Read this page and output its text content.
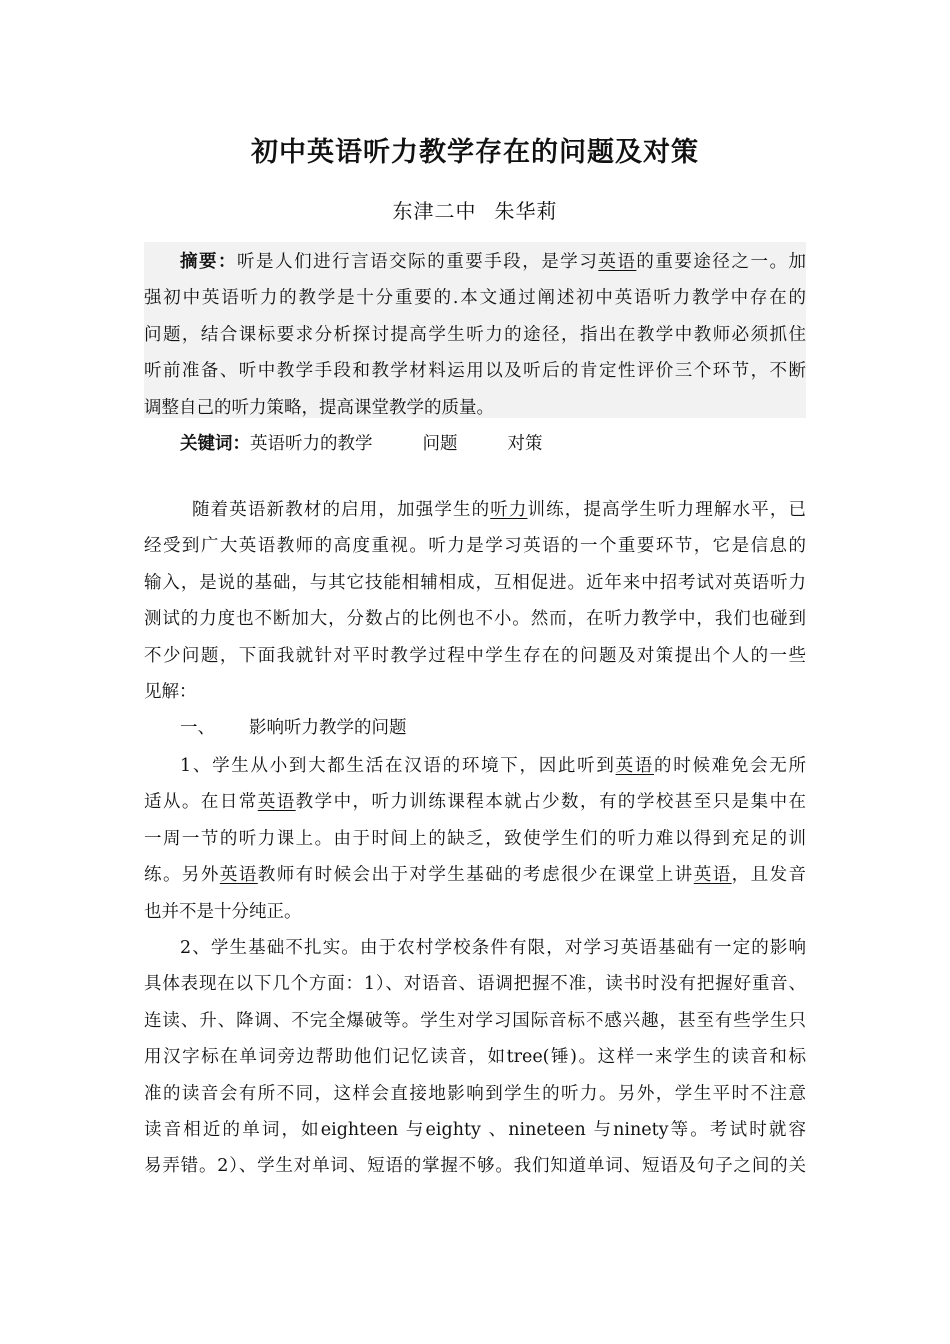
初中英语听力教学存在的问题及对策
东津二中 朱华莉
摘要：听是人们进行言语交际的重要手段，是学习英语的重要途径之一。加
强初中英语听力的教学是十分重要的.本文通过阐述初中英语听力教学中存在的
问题，结合课标要求分析探讨提高学生听力的途径，指出在教学中教师必须抓住
听前准备、听中教学手段和教学材料运用以及听后的肯定性评价三个环节，不断
调整自己的听力策略，提高课堂教学的质量。
关键词：英语听力的教学	问题	对策
随着英语新教材的启用，加强学生的听力训练，提高学生听力理解水平，已
经受到广大英语教师的高度重视。听力是学习英语的一个重要环节，它是信息的
输入，是说的基础，与其它技能相辅相成，互相促进。近年来中招考试对英语听力
测试的力度也不断加大，分数占的比例也不小。然而，在听力教学中，我们也碰到
不少问题，下面我就针对平时教学过程中学生存在的问题及对策提出个人的一些
见解：
一、 影响听力教学的问题
1、学生从小到大都生活在汉语的环境下，因此听到英语的时候难免会无所
适从。在日常英语教学中，听力训练课程本就占少数，有的学校甚至只是集中在
一周一节的听力课上。由于时间上的缺乏，致使学生们的听力难以得到充足的训
练。另外英语教师有时候会出于对学生基础的考虑很少在课堂上讲英语，且发音
也并不是十分纯正。
2、学生基础不扎实。由于农村学校条件有限，对学习英语基础有一定的影响
具体表现在以下几个方面：1）、对语音、语调把握不准，读书时没有把握好重音、
连读、升、降调、不完全爆破等。学生对学习国际音标不感兴趣，甚至有些学生只
用汉字标在单词旁边帮助他们记忆读音，如tree(锤)。这样一来学生的读音和标
准的读音会有所不同，这样会直接地影响到学生的听力。另外，学生平时不注意
读音相近的单词，如eighteen 与eighty 、nineteen 与ninety等。考试时就容
易弄错。2）、学生对单词、短语的掌握不够。我们知道单词、短语及句子之间的关
